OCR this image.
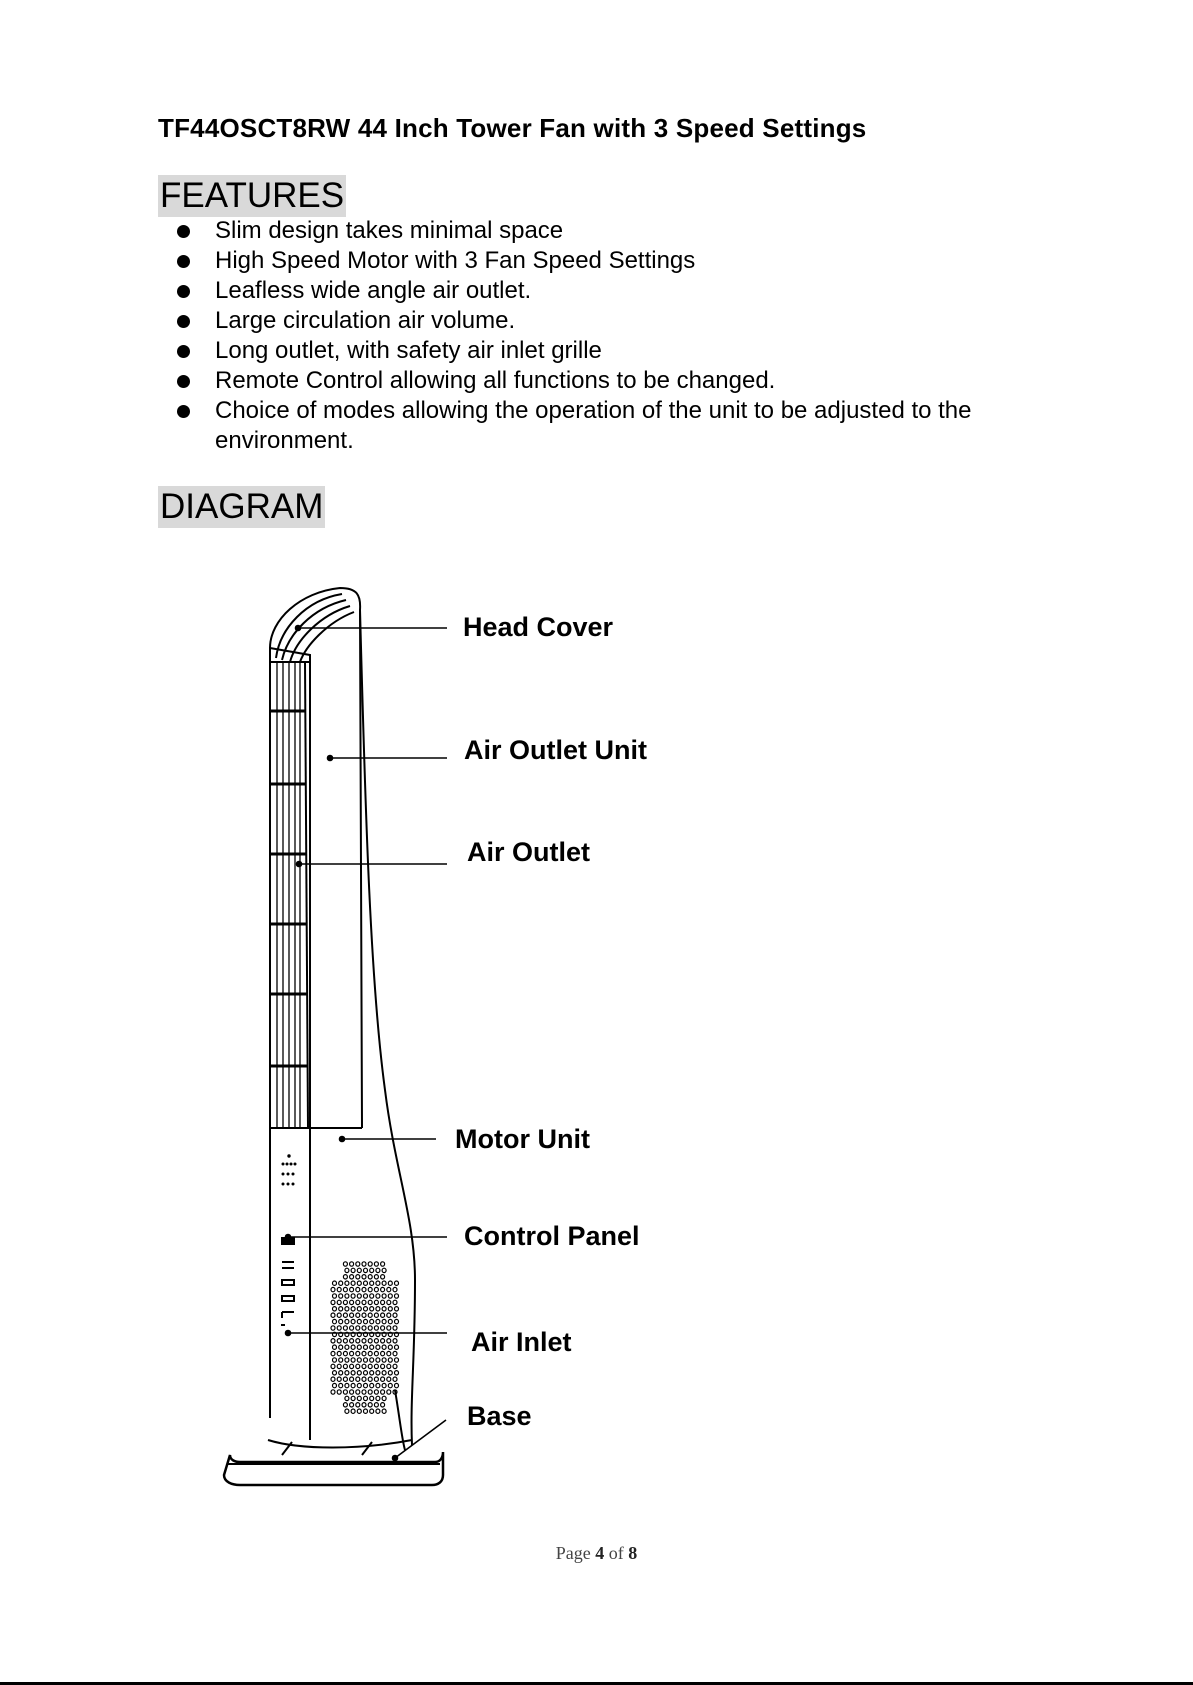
TF44OSCT8RW 44 Inch Tower Fan with 3 Speed Settings
FEATURES
Slim design takes minimal space
High Speed Motor with 3 Fan Speed Settings
Leafless wide angle air outlet.
Large circulation air volume.
Long outlet, with safety air inlet grille
Remote Control allowing all functions to be changed.
Choice of modes allowing the operation of the unit to be adjusted to the environment.
DIAGRAM
Head Cover
Air Outlet Unit
Air Outlet
Motor Unit
Control Panel
Air Inlet
Base
Page 4 of 8
